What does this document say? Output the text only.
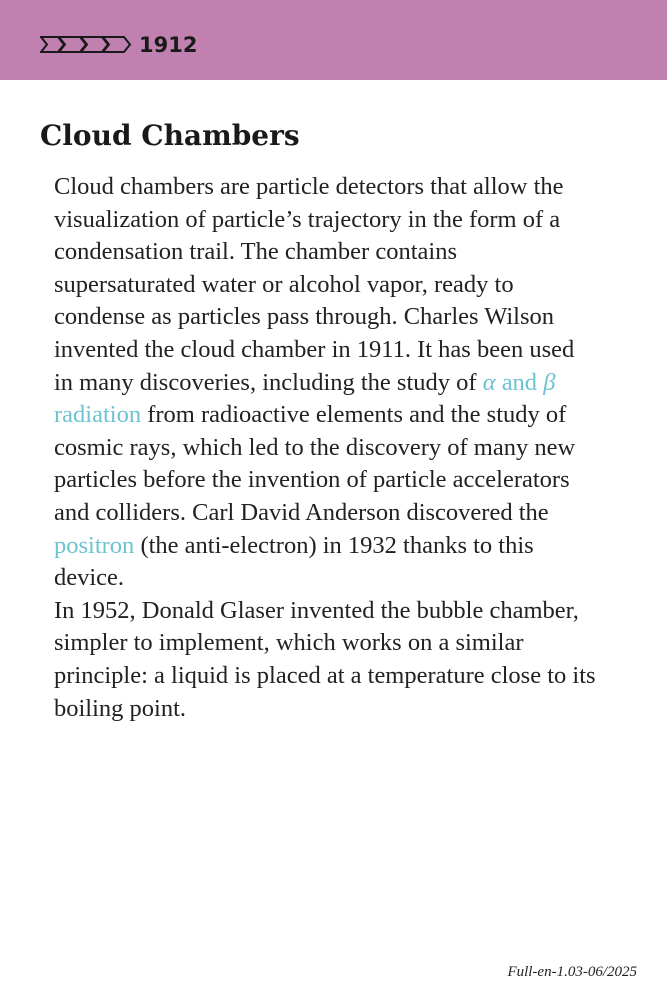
1912
Cloud Chambers

Cloud chambers are particle detectors that allow the visualization of particle’s trajectory in the form of a condensation trail. The chamber contains supersaturated water or alcohol vapor, ready to condense as particles pass through. Charles Wilson invented the cloud chamber in 1911. It has been used in many discoveries, including the study of α and β radiation from radioactive elements and the study of cosmic rays, which led to the discovery of many new particles before the invention of particle accelerators and colliders. Carl David Anderson discovered the positron (the anti-electron) in 1932 thanks to this device.

In 1952, Donald Glaser invented the bubble chamber, simpler to implement, which works on a similar principle: a liquid is placed at a temperature close to its boiling point.

Full-en-1.03-06/2025
